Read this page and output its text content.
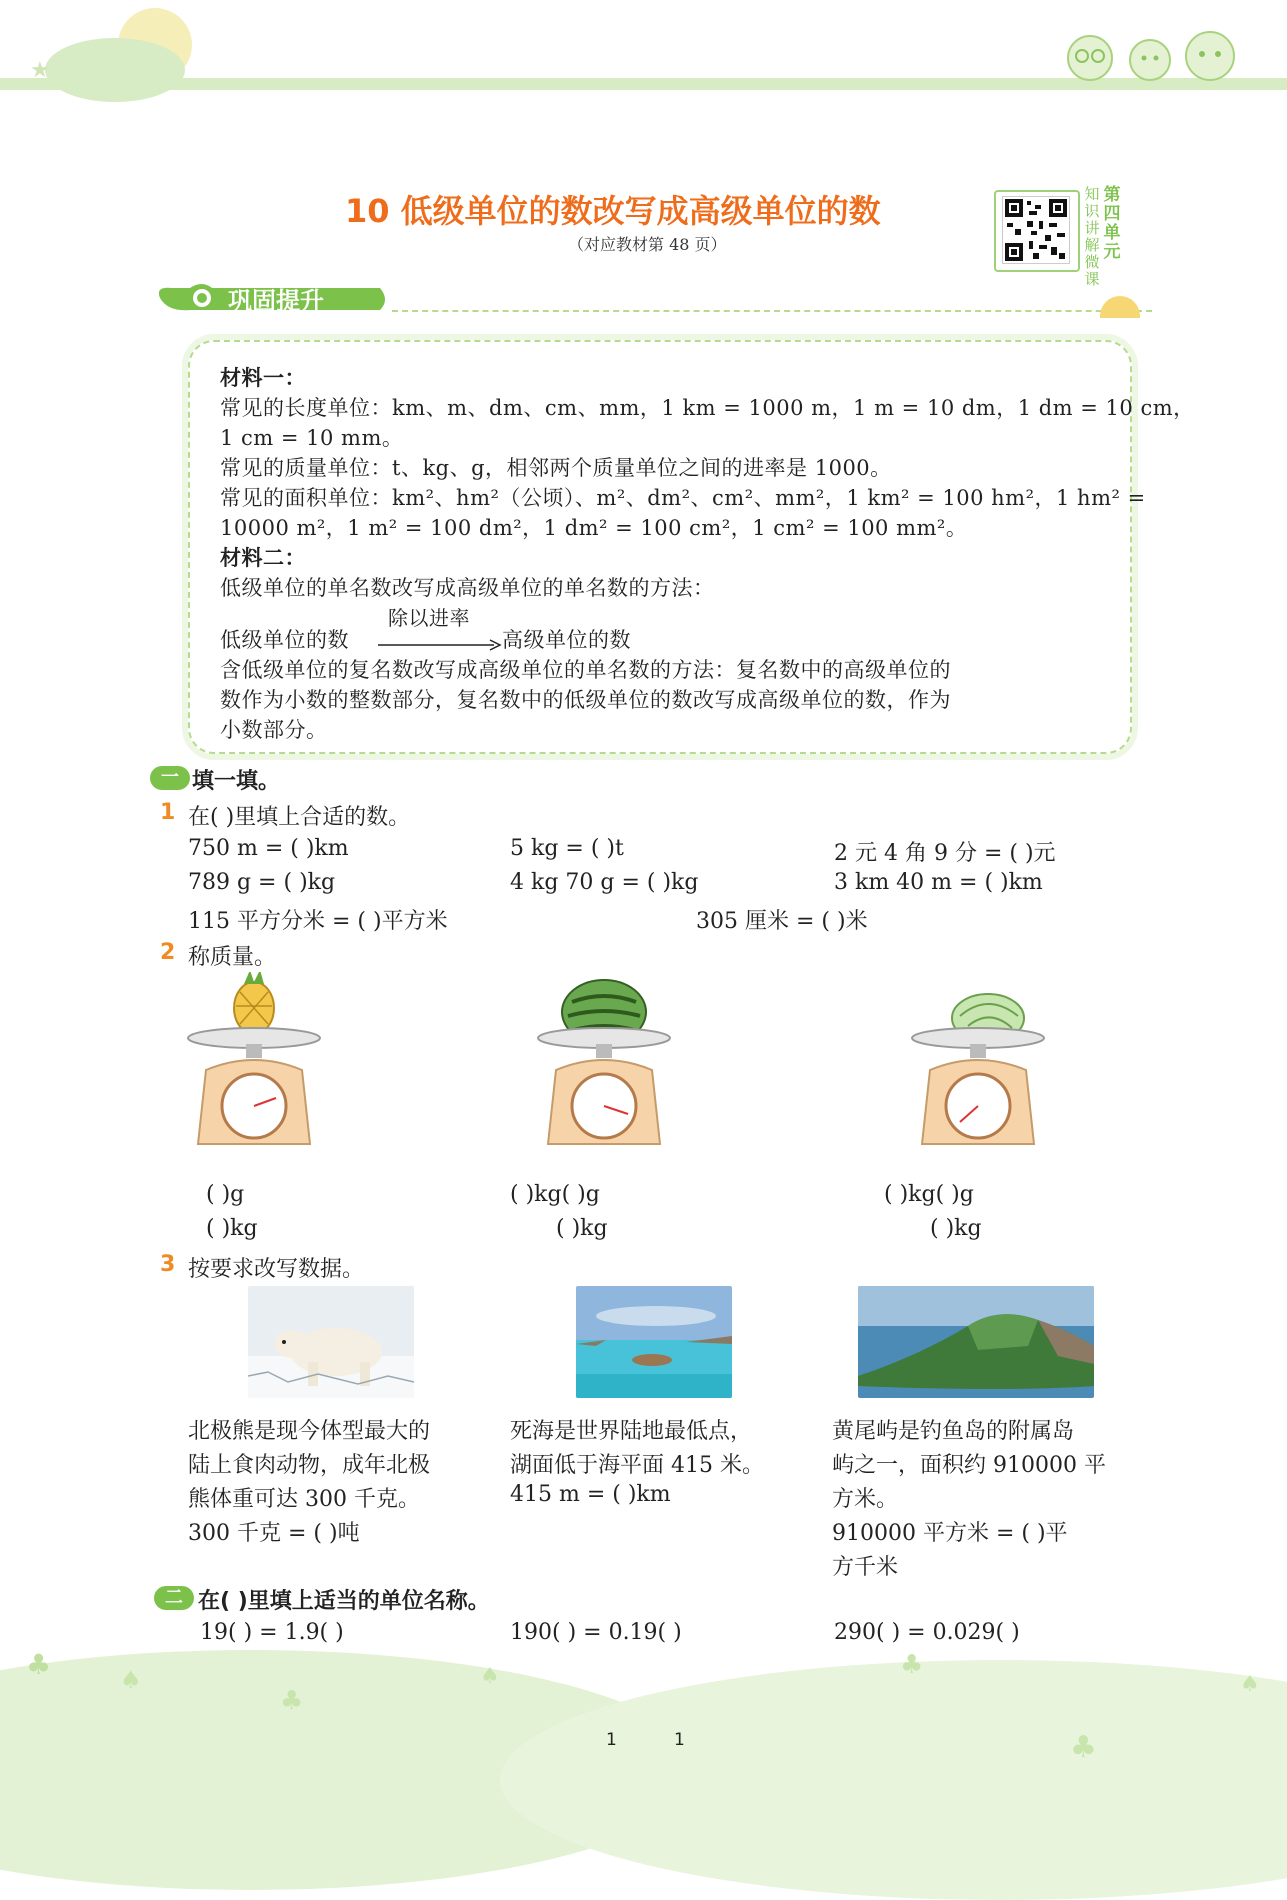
★
10 低级单位的数改写成高级单位的数
（对应教材第 48 页）
第四单元
知识讲解微课
巩固提升
材料一：
常见的长度单位：km、m、dm、cm、mm，1 km = 1000 m，1 m = 10 dm，1 dm = 10 cm，
1 cm = 10 mm。
常见的质量单位：t、kg、g，相邻两个质量单位之间的进率是 1000。
常见的面积单位：km²、hm²（公顷）、m²、dm²、cm²、mm²，1 km² = 100 hm²，1 hm² =
10000 m²，1 m² = 100 dm²，1 dm² = 100 cm²，1 cm² = 100 mm²。
材料二：
低级单位的单名数改写成高级单位的单名数的方法：
除以进率
低级单位的数	高级单位的数
含低级单位的复名数改写成高级单位的单名数的方法：复名数中的高级单位的
数作为小数的整数部分，复名数中的低级单位的数改写成高级单位的数，作为
小数部分。
一 填一填。
1 在( )里填上合适的数。
750 m = ( )km	5 kg = ( )t	2 元 4 角 9 分 = ( )元
789 g = ( )kg	4 kg 70 g = ( )kg	3 km 40 m = ( )km
115 平方分米 = ( )平方米	305 厘米 = ( )米
2 称质量。
( )g
( )kg
( )kg( )g
( )kg
( )kg( )g
( )kg
3 按要求改写数据。
北极熊是现今体型最大的
陆上食肉动物，成年北极
熊体重可达 300 千克。
300 千克 = ( )吨
死海是世界陆地最低点，
湖面低于海平面 415 米。
415 m = ( )km
黄尾屿是钓鱼岛的附属岛
屿之一，面积约 910000 平
方米。
910000 平方米 = ( )平
方千米
二 在( )里填上适当的单位名称。
19( ) = 1.9( )	190( ) = 0.19( )	290( ) = 0.029( )
♣	♠
♣
♠	♣
♣
♠
1	1
